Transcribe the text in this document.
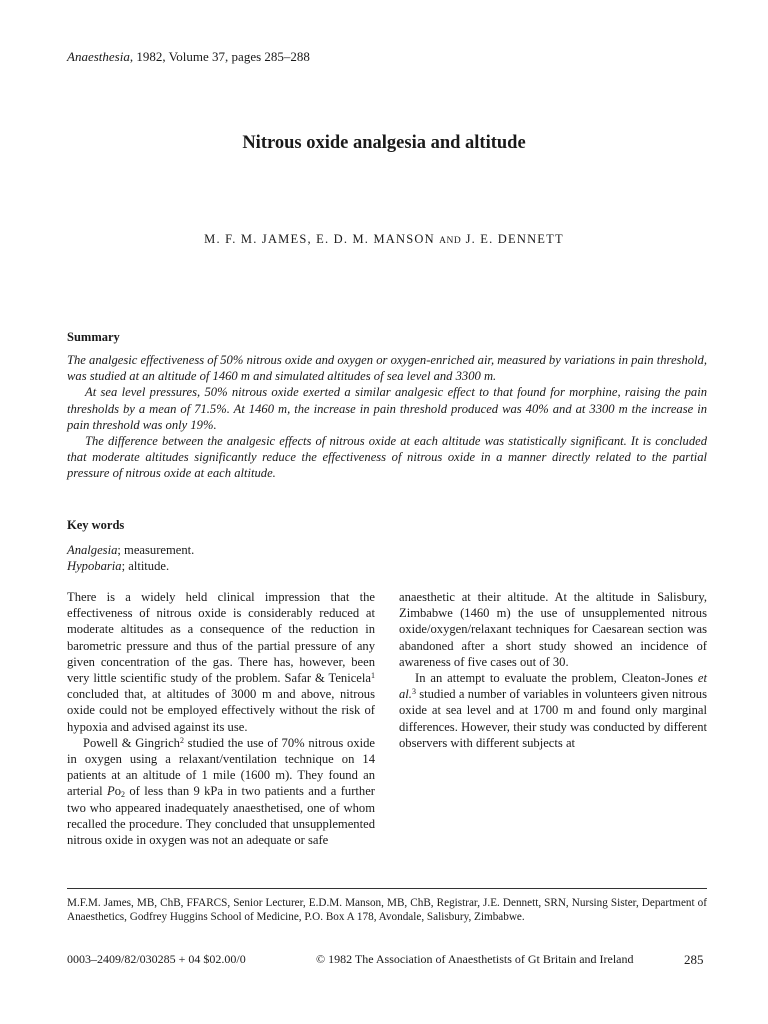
Anaesthesia, 1982, Volume 37, pages 285–288
Nitrous oxide analgesia and altitude
M. F. M. JAMES, E. D. M. MANSON AND J. E. DENNETT
Summary

The analgesic effectiveness of 50% nitrous oxide and oxygen or oxygen-enriched air, measured by variations in pain threshold, was studied at an altitude of 1460 m and simulated altitudes of sea level and 3300 m.

At sea level pressures, 50% nitrous oxide exerted a similar analgesic effect to that found for morphine, raising the pain thresholds by a mean of 71.5%. At 1460 m, the increase in pain threshold produced was 40% and at 3300 m the increase in pain threshold was only 19%.

The difference between the analgesic effects of nitrous oxide at each altitude was statistically significant. It is concluded that moderate altitudes significantly reduce the effectiveness of nitrous oxide in a manner directly related to the partial pressure of nitrous oxide at each altitude.

Key words
Analgesia; measurement.
Hypobaria; altitude.

There is a widely held clinical impression that the effectiveness of nitrous oxide is considerably reduced at moderate altitudes as a consequence of the reduction in barometric pressure and thus of the partial pressure of any given concentration of the gas. There has, however, been very little scientific study of the problem. Safar & Tenicela$^1$ concluded that, at altitudes of 3000 m and above, nitrous oxide could not be employed effectively without the risk of hypoxia and advised against its use.

Powell & Gingrich$^2$ studied the use of 70% nitrous oxide in oxygen using a relaxant/ventilation technique on 14 patients at an altitude of 1 mile (1600 m). They found an arterial $Po_2$ of less than 9 kPa in two patients and a further two who appeared inadequately anaesthetised, one of whom recalled the procedure. They concluded that unsupplemented nitrous oxide in oxygen was not an adequate or safe

anaesthetic at their altitude. At the altitude in Salisbury, Zimbabwe (1460 m) the use of unsupplemented nitrous oxide/oxygen/relaxant techniques for Caesarean section was abandoned after a short study showed an incidence of awareness of five cases out of 30.

In an attempt to evaluate the problem, Cleaton-Jones et al.$^3$ studied a number of variables in volunteers given nitrous oxide at sea level and at 1700 m and found only marginal differences. However, their study was conducted by different observers with different subjects at

M.F.M. James, MB, ChB, FFARCS, Senior Lecturer, E.D.M. Manson, MB, ChB, Registrar, J.E. Dennett, SRN, Nursing Sister, Department of Anaesthetics, Godfrey Huggins School of Medicine, P.O. Box A 178, Avondale, Salisbury, Zimbabwe.
0003–2409/82/030285 + 04 $02.00/0	© 1982 The Association of Anaesthetists of Gt Britain and Ireland	285
